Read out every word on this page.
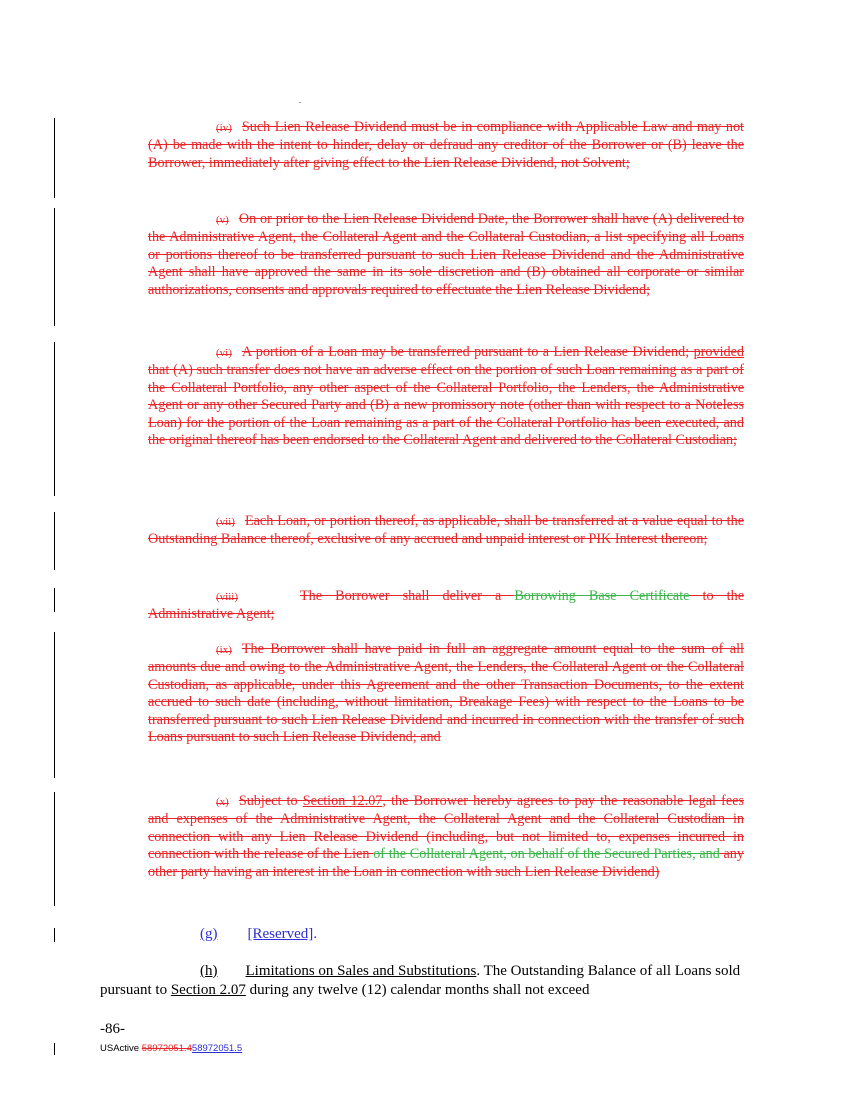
.
(iv) Such Lien Release Dividend must be in compliance with Applicable Law and may not (A) be made with the intent to hinder, delay or defraud any creditor of the Borrower or (B) leave the Borrower, immediately after giving effect to the Lien Release Dividend, not Solvent;
(v) On or prior to the Lien Release Dividend Date, the Borrower shall have (A) delivered to the Administrative Agent, the Collateral Agent and the Collateral Custodian, a list specifying all Loans or portions thereof to be transferred pursuant to such Lien Release Dividend and the Administrative Agent shall have approved the same in its sole discretion and (B) obtained all corporate or similar authorizations, consents and approvals required to effectuate the Lien Release Dividend;
(vi) A portion of a Loan may be transferred pursuant to a Lien Release Dividend; provided that (A) such transfer does not have an adverse effect on the portion of such Loan remaining as a part of the Collateral Portfolio, any other aspect of the Collateral Portfolio, the Lenders, the Administrative Agent or any other Secured Party and (B) a new promissory note (other than with respect to a Noteless Loan) for the portion of the Loan remaining as a part of the Collateral Portfolio has been executed, and the original thereof has been endorsed to the Collateral Agent and delivered to the Collateral Custodian;
(vii) Each Loan, or portion thereof, as applicable, shall be transferred at a value equal to the Outstanding Balance thereof, exclusive of any accrued and unpaid interest or PIK Interest thereon;
(viii)	The Borrower shall deliver a Borrowing Base Certificate to the Administrative Agent;
(ix) The Borrower shall have paid in full an aggregate amount equal to the sum of all amounts due and owing to the Administrative Agent, the Lenders, the Collateral Agent or the Collateral Custodian, as applicable, under this Agreement and the other Transaction Documents, to the extent accrued to such date (including, without limitation, Breakage Fees) with respect to the Loans to be transferred pursuant to such Lien Release Dividend and incurred in connection with the transfer of such Loans pursuant to such Lien Release Dividend; and
(x) Subject to Section 12.07, the Borrower hereby agrees to pay the reasonable legal fees and expenses of the Administrative Agent, the Collateral Agent and the Collateral Custodian in connection with any Lien Release Dividend (including, but not limited to, expenses incurred in connection with the release of the Lien of the Collateral Agent, on behalf of the Secured Parties, and any other party having an interest in the Loan in connection with such Lien Release Dividend)
(g) [Reserved].
(h) Limitations on Sales and Substitutions. The Outstanding Balance of all Loans sold pursuant to Section 2.07 during any twelve (12) calendar months shall not exceed
-86-
USActive 58972051.458972051.5
